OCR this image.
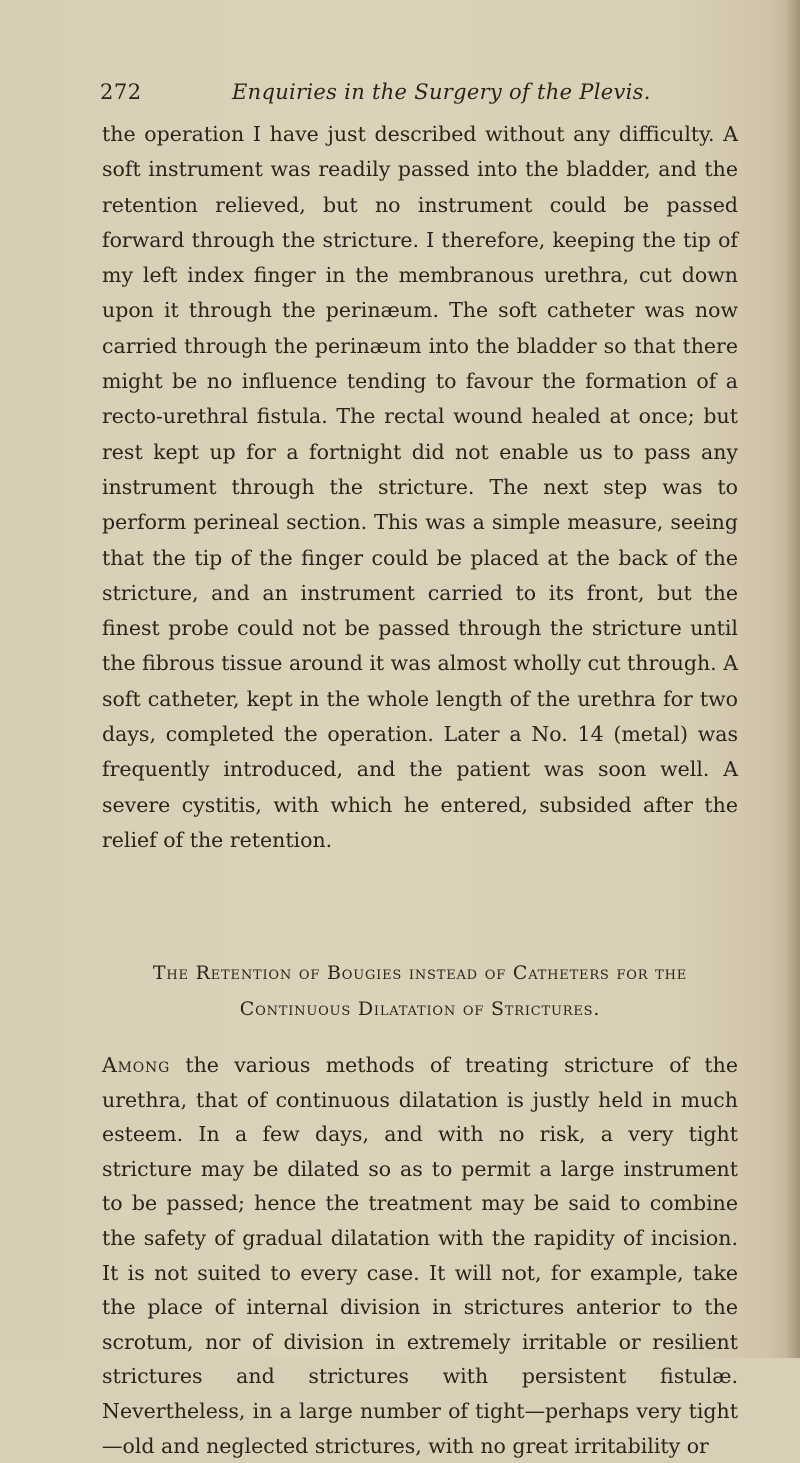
272	Enquiries in the Surgery of the Plevis.

the operation I have just described without any difficulty. A soft instrument was readily passed into the bladder, and the retention relieved, but no instrument could be passed forward through the stricture. I therefore, keeping the tip of my left index finger in the membranous urethra, cut down upon it through the perinæum. The soft catheter was now carried through the perinæum into the bladder so that there might be no influence tending to favour the formation of a recto-urethral fistula. The rectal wound healed at once; but rest kept up for a fortnight did not enable us to pass any instrument through the stricture. The next step was to perform perineal section. This was a simple measure, seeing that the tip of the finger could be placed at the back of the stricture, and an instrument carried to its front, but the finest probe could not be passed through the stricture until the fibrous tissue around it was almost wholly cut through. A soft catheter, kept in the whole length of the urethra for two days, completed the operation. Later a No. 14 (metal) was frequently introduced, and the patient was soon well. A severe cystitis, with which he entered, subsided after the relief of the retention.

The Retention of Bougies instead of Catheters for the
Continuous Dilatation of Strictures.

Among the various methods of treating stricture of the urethra, that of continuous dilatation is justly held in much esteem. In a few days, and with no risk, a very tight stricture may be dilated so as to permit a large instrument to be passed; hence the treatment may be said to combine the safety of gradual dilatation with the rapidity of incision. It is not suited to every case. It will not, for example, take the place of internal division in strictures anterior to the scrotum, nor of division in extremely irritable or resilient strictures and strictures with persistent fistulæ. Nevertheless, in a large number of tight—perhaps very tight—old and neglected strictures, with no great irritability or
